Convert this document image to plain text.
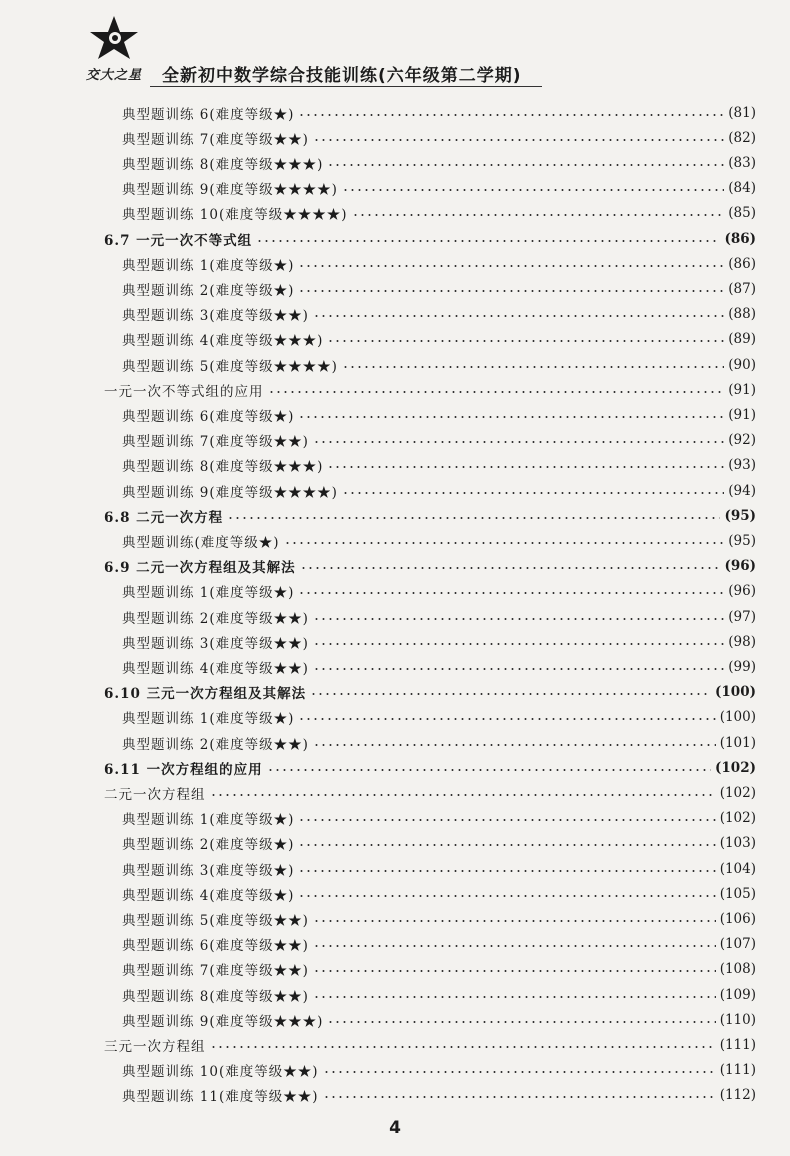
交大之星 全新初中数学综合技能训练(六年级第二学期)
典型题训练 6(难度等级★)	(81)
典型题训练 7(难度等级★★)	(82)
典型题训练 8(难度等级★★★)	(83)
典型题训练 9(难度等级★★★★)	(84)
典型题训练 10(难度等级★★★★)	(85)
6.7 一元一次不等式组	(86)
典型题训练 1(难度等级★)	(86)
典型题训练 2(难度等级★)	(87)
典型题训练 3(难度等级★★)	(88)
典型题训练 4(难度等级★★★)	(89)
典型题训练 5(难度等级★★★★)	(90)
一元一次不等式组的应用	(91)
典型题训练 6(难度等级★)	(91)
典型题训练 7(难度等级★★)	(92)
典型题训练 8(难度等级★★★)	(93)
典型题训练 9(难度等级★★★★)	(94)
6.8 二元一次方程	(95)
典型题训练(难度等级★)	(95)
6.9 二元一次方程组及其解法	(96)
典型题训练 1(难度等级★)	(96)
典型题训练 2(难度等级★★)	(97)
典型题训练 3(难度等级★★)	(98)
典型题训练 4(难度等级★★)	(99)
6.10 三元一次方程组及其解法	(100)
典型题训练 1(难度等级★)	(100)
典型题训练 2(难度等级★★)	(101)
6.11 一次方程组的应用	(102)
二元一次方程组	(102)
典型题训练 1(难度等级★)	(102)
典型题训练 2(难度等级★)	(103)
典型题训练 3(难度等级★)	(104)
典型题训练 4(难度等级★)	(105)
典型题训练 5(难度等级★★)	(106)
典型题训练 6(难度等级★★)	(107)
典型题训练 7(难度等级★★)	(108)
典型题训练 8(难度等级★★)	(109)
典型题训练 9(难度等级★★★)	(110)
三元一次方程组	(111)
典型题训练 10(难度等级★★)	(111)
典型题训练 11(难度等级★★)	(112)
4
